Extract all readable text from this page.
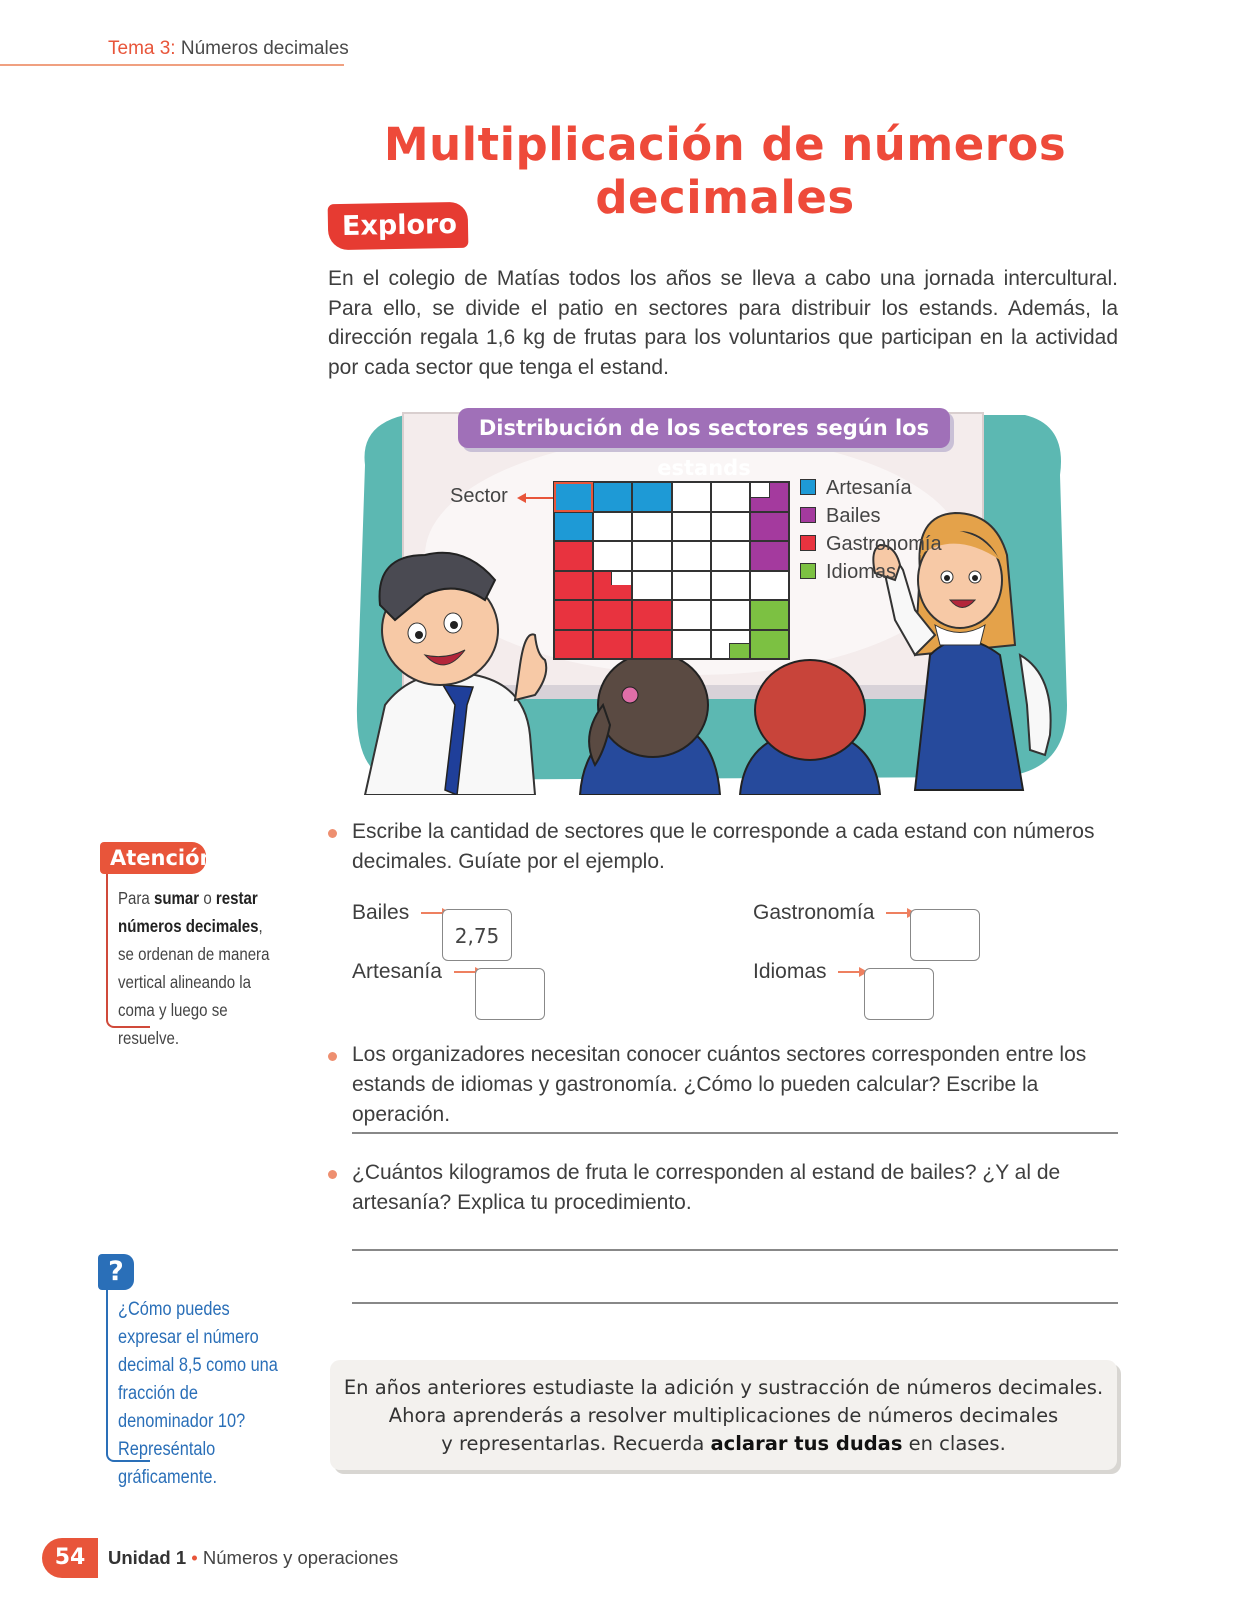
Tema 3: Números decimales
Multiplicación de números decimales
Exploro
En el colegio de Matías todos los años se lleva a cabo una jornada intercultural. Para ello, se divide el patio en sectores para distribuir los estands. Además, la dirección regala 1,6 kg de frutas para los voluntarios que participan en la actividad por cada sector que tenga el estand.
Distribución de los sectores según los estands
Sector	Artesanía
Bailes
Gastronomía
Idiomas
Atención
Para sumar o restar números decimales, se ordenan de manera vertical alineando la coma y luego se resuelve.
?
¿Cómo puedes expresar el número decimal 8,5 como una fracción de denominador 10? Represéntalo gráficamente.
Escribe la cantidad de sectores que le corresponde a cada estand con números decimales. Guíate por el ejemplo.
Bailes
2,75
Gastronomía
Artesanía	Idiomas
Los organizadores necesitan conocer cuántos sectores corresponden entre los estands de idiomas y gastronomía. ¿Cómo lo pueden calcular? Escribe la operación.
¿Cuántos kilogramos de fruta le corresponden al estand de bailes? ¿Y al de artesanía? Explica tu procedimiento.
En años anteriores estudiaste la adición y sustracción de números decimales.
Ahora aprenderás a resolver multiplicaciones de números decimales
y representarlas. Recuerda aclarar tus dudas en clases.
54	Unidad 1 • Números y operaciones
